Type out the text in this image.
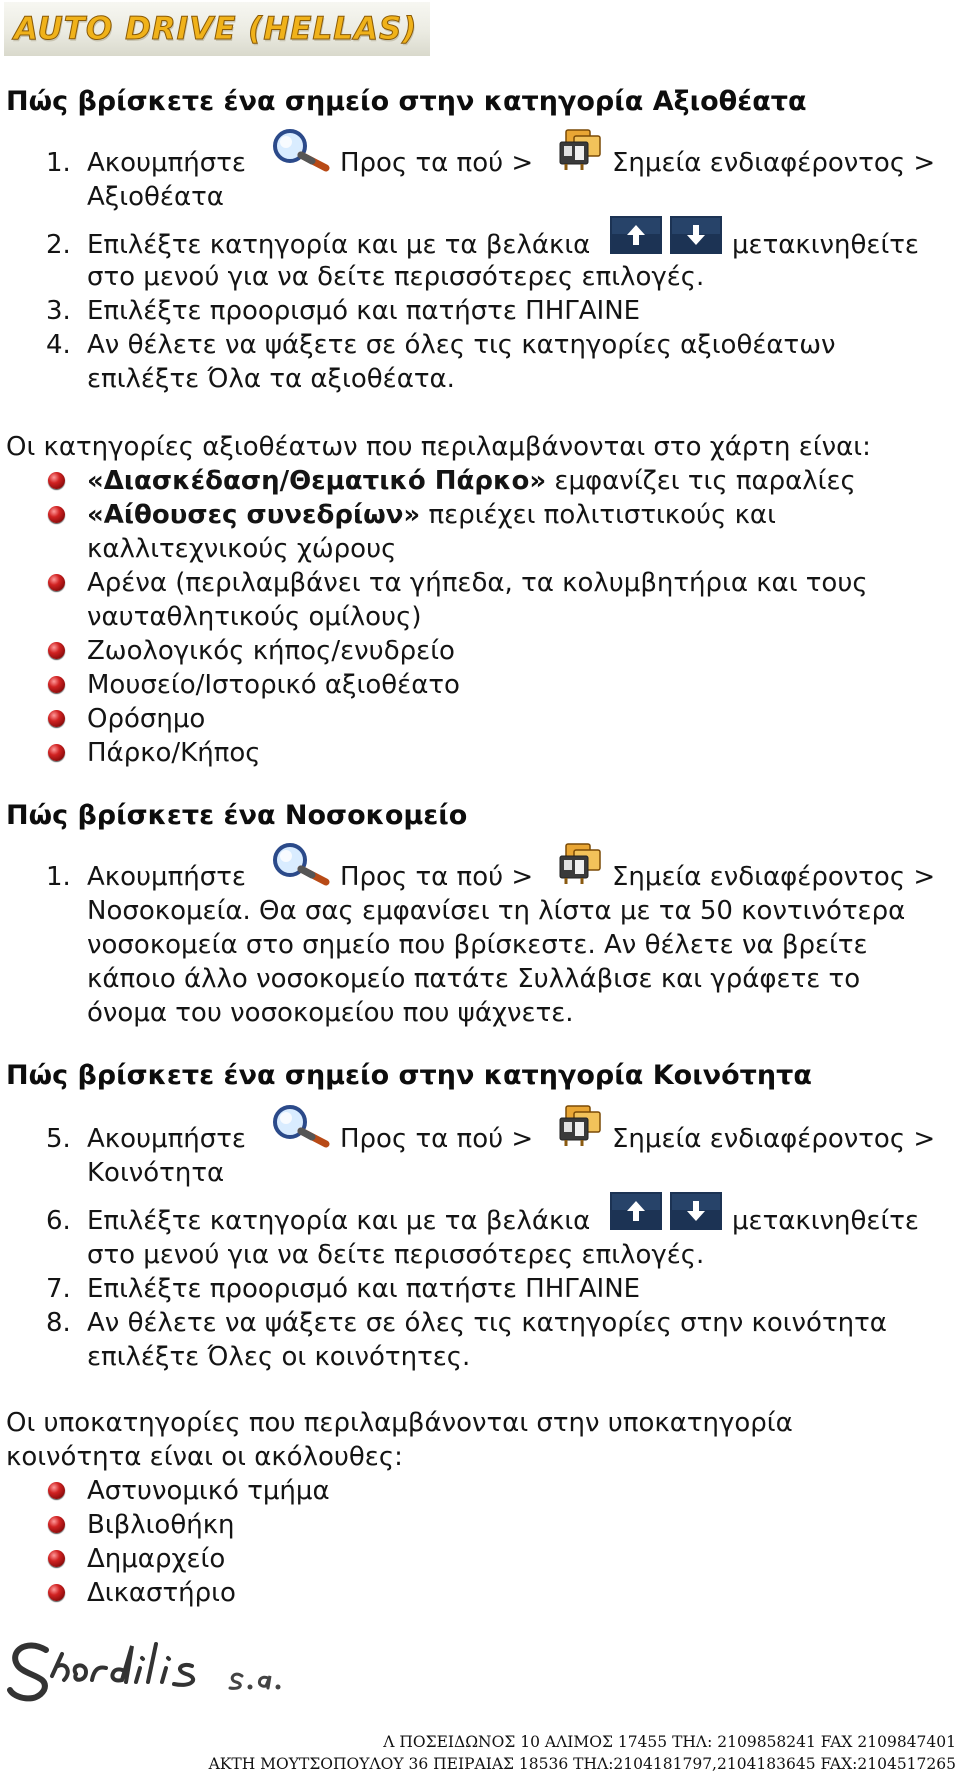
AUTO DRIVE (HELLAS)
Πώς βρίσκετε ένα σημείο στην κατηγορία Αξιοθέατα
1. Ακουμπήστε	Προς τα πού >	Σημεία ενδιαφέροντος >
Αξιοθέατα
2. Επιλέξτε κατηγορία και με τα βελάκια	μετακινηθείτε
στο μενού για να δείτε περισσότερες επιλογές.
3. Επιλέξτε προορισμό και πατήστε ΠΗΓΑΙΝΕ
4. Αν θέλετε να ψάξετε σε όλες τις κατηγορίες αξιοθέατων
επιλέξτε Όλα τα αξιοθέατα.
Οι κατηγορίες αξιοθέατων που περιλαμβάνονται στο χάρτη είναι:
«Διασκέδαση/Θεματικό Πάρκο» εμφανίζει τις παραλίες
«Αίθουσες συνεδρίων» περιέχει πολιτιστικούς και
καλλιτεχνικούς χώρους
Αρένα (περιλαμβάνει τα γήπεδα, τα κολυμβητήρια και τους
ναυταθλητικούς ομίλους)
Ζωολογικός κήπος/ενυδρείο
Μουσείο/Ιστορικό αξιοθέατο
Ορόσημο
Πάρκο/Κήπος
Πώς βρίσκετε ένα Νοσοκομείο
1. Ακουμπήστε	Προς τα πού >	Σημεία ενδιαφέροντος >
Νοσοκομεία. Θα σας εμφανίσει τη λίστα με τα 50 κοντινότερα
νοσοκομεία στο σημείο που βρίσκεστε. Αν θέλετε να βρείτε
κάποιο άλλο νοσοκομείο πατάτε Συλλάβισε και γράφετε το
όνομα του νοσοκομείου που ψάχνετε.
Πώς βρίσκετε ένα σημείο στην κατηγορία Κοινότητα
5. Ακουμπήστε	Προς τα πού >	Σημεία ενδιαφέροντος >
Κοινότητα
6. Επιλέξτε κατηγορία και με τα βελάκια	μετακινηθείτε
στο μενού για να δείτε περισσότερες επιλογές.
7. Επιλέξτε προορισμό και πατήστε ΠΗΓΑΙΝΕ
8. Αν θέλετε να ψάξετε σε όλες τις κατηγορίες στην κοινότητα
επιλέξτε Όλες οι κοινότητες.
Οι υποκατηγορίες που περιλαμβάνονται στην υποκατηγορία
κοινότητα είναι οι ακόλουθες:
Αστυνομικό τμήμα
Βιβλιοθήκη
Δημαρχείο
Δικαστήριο
Λ ΠΟΣΕΙΔΩΝΟΣ 10 ΑΛΙΜΟΣ 17455 ΤΗΛ: 2109858241 FAX 2109847401
ΑΚΤΗ ΜΟΥΤΣΟΠΟΥΛΟΥ 36 ΠΕΙΡΑΙΑΣ 18536 ΤΗΛ:2104181797,2104183645 FAX:2104517265
